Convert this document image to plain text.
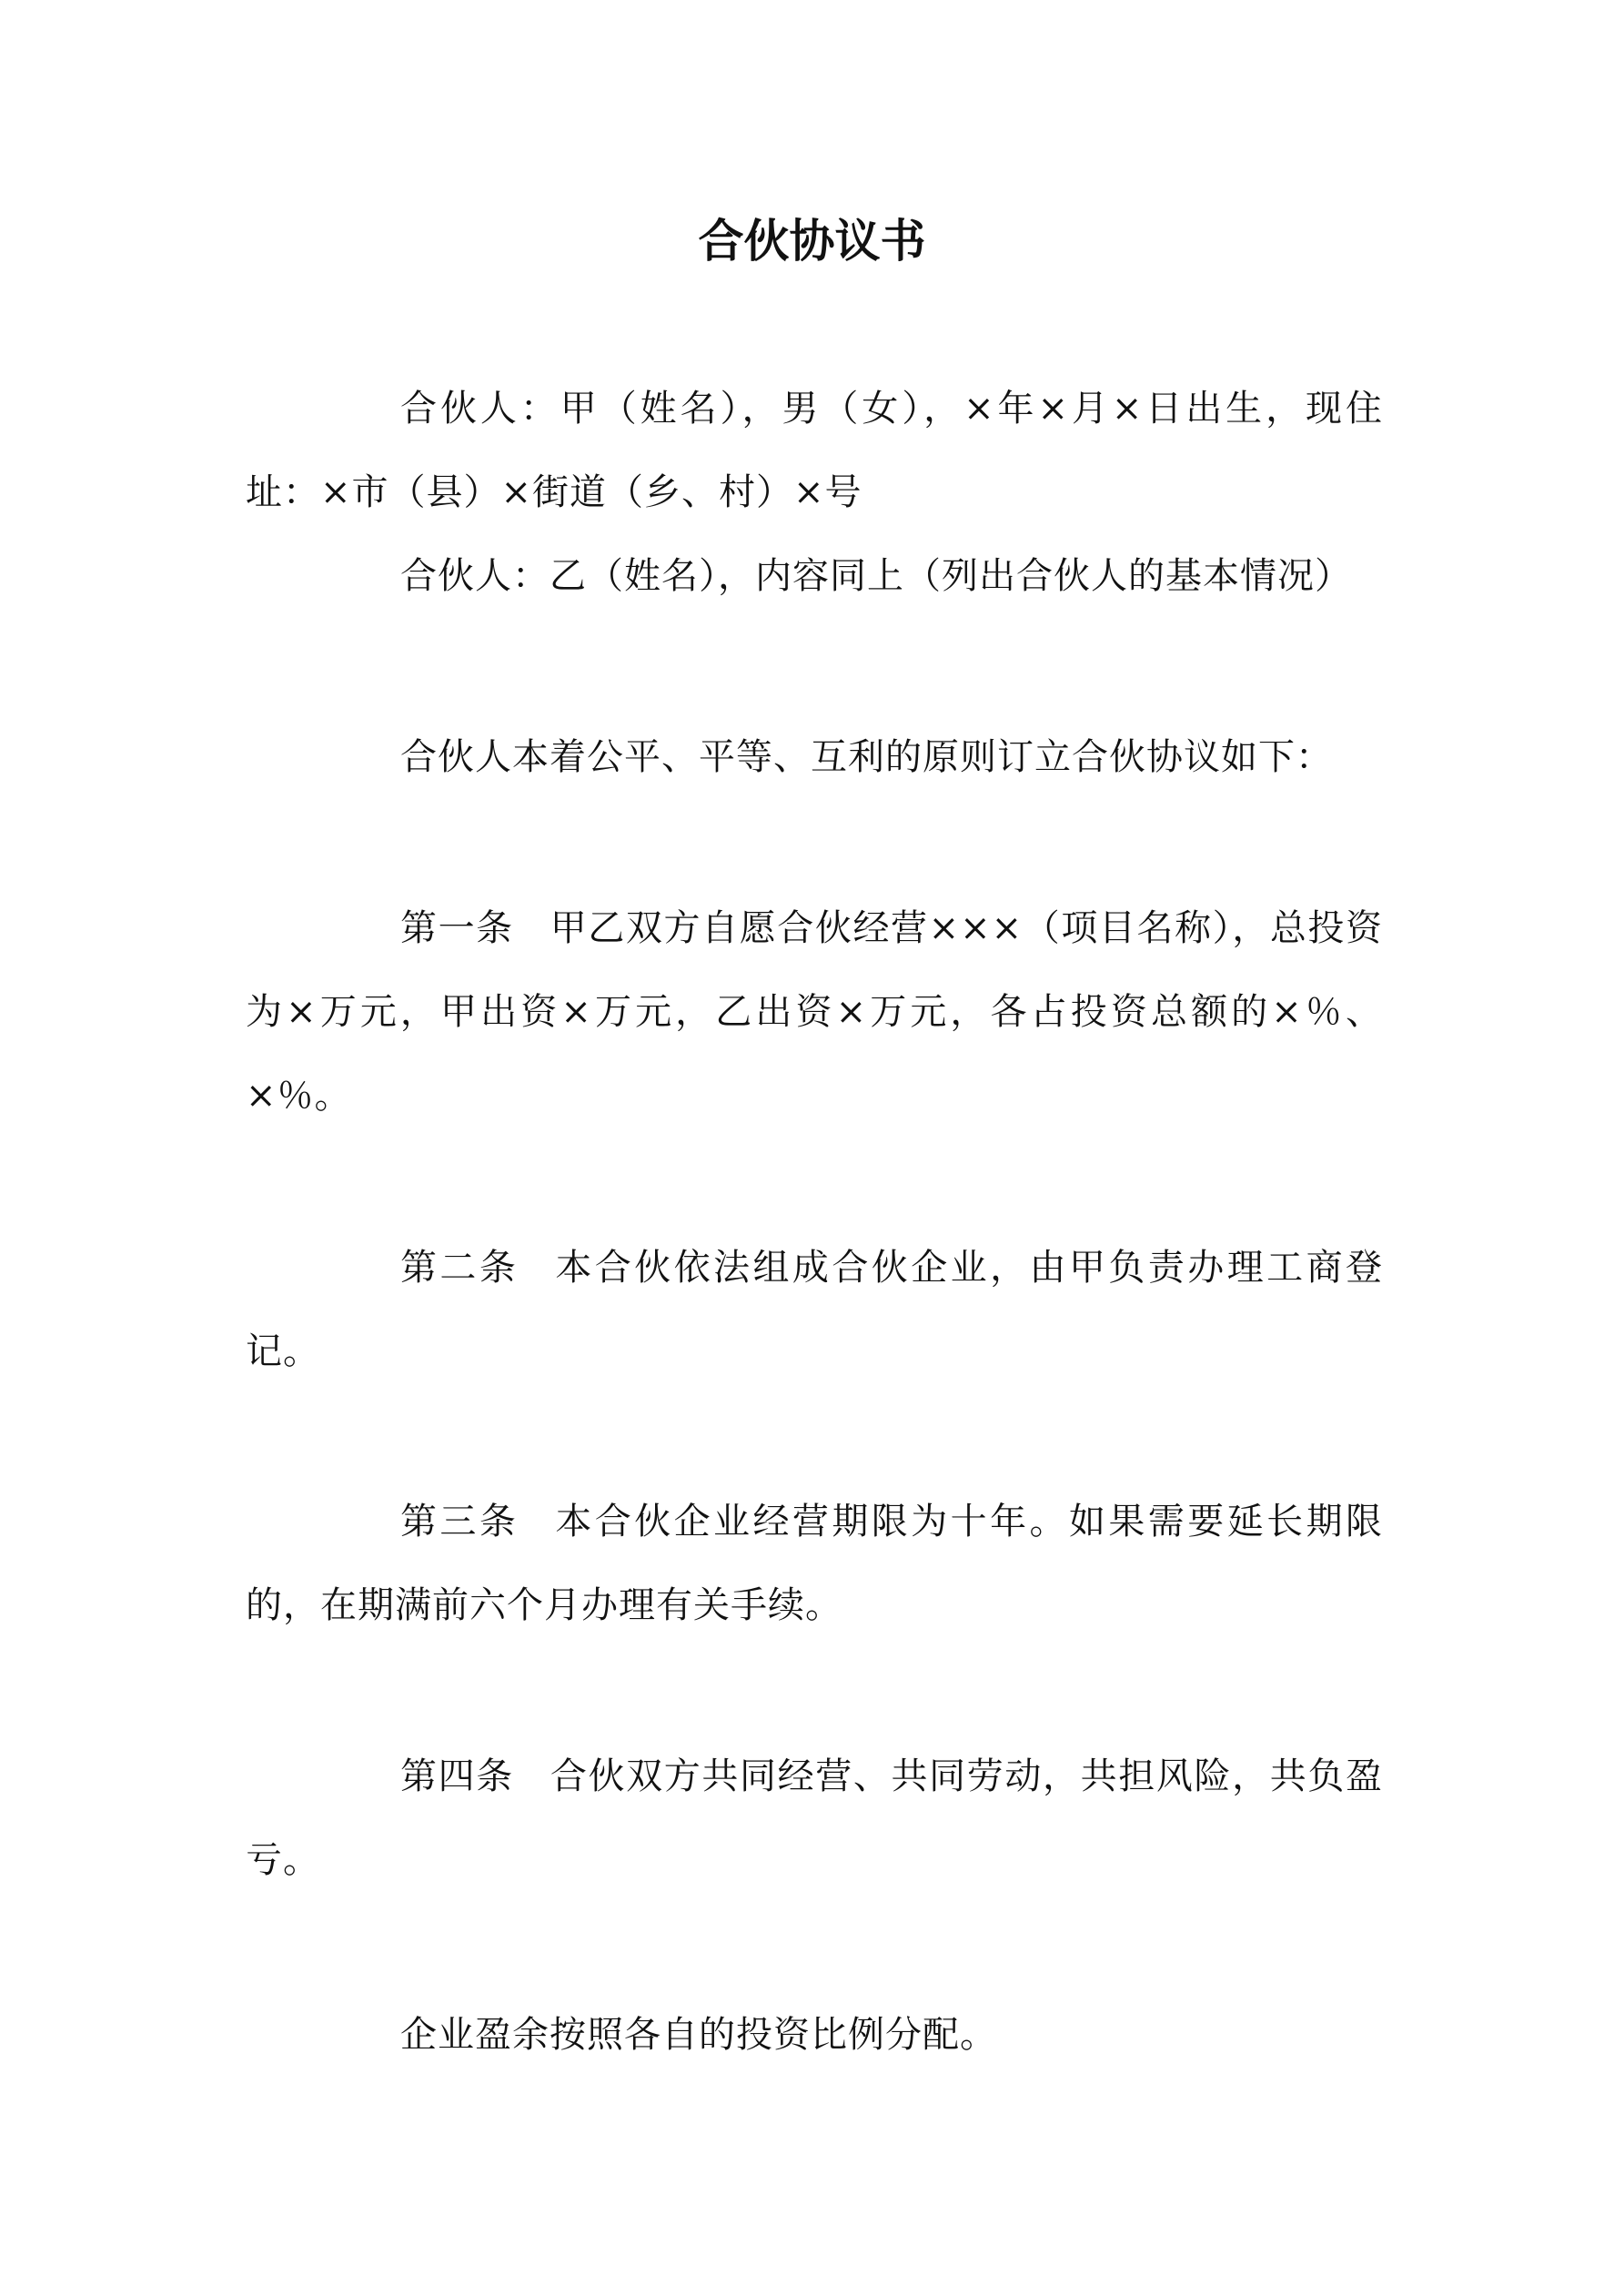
合伙协议书

合伙人：甲（姓名），男（女），×年×月×日出生，现住址：×市（县）×街道（乡、村）×号

合伙人：乙（姓名），内容同上（列出合伙人的基本情况）

合伙人本着公平、平等、互利的原则订立合伙协议如下：

第一条 甲乙双方自愿合伙经营×××（项目名称），总投资为×万元，甲出资×万元，乙出资×万元，各占投资总额的×％、×％。

第二条 本合伙依法组成合伙企业，由甲负责办理工商登记。

第三条 本合伙企业经营期限为十年。如果需要延长期限的，在期满前六个月办理有关手续。

第四条 合伙双方共同经营、共同劳动，共担风险，共负盈亏。

企业盈余按照各自的投资比例分配。
